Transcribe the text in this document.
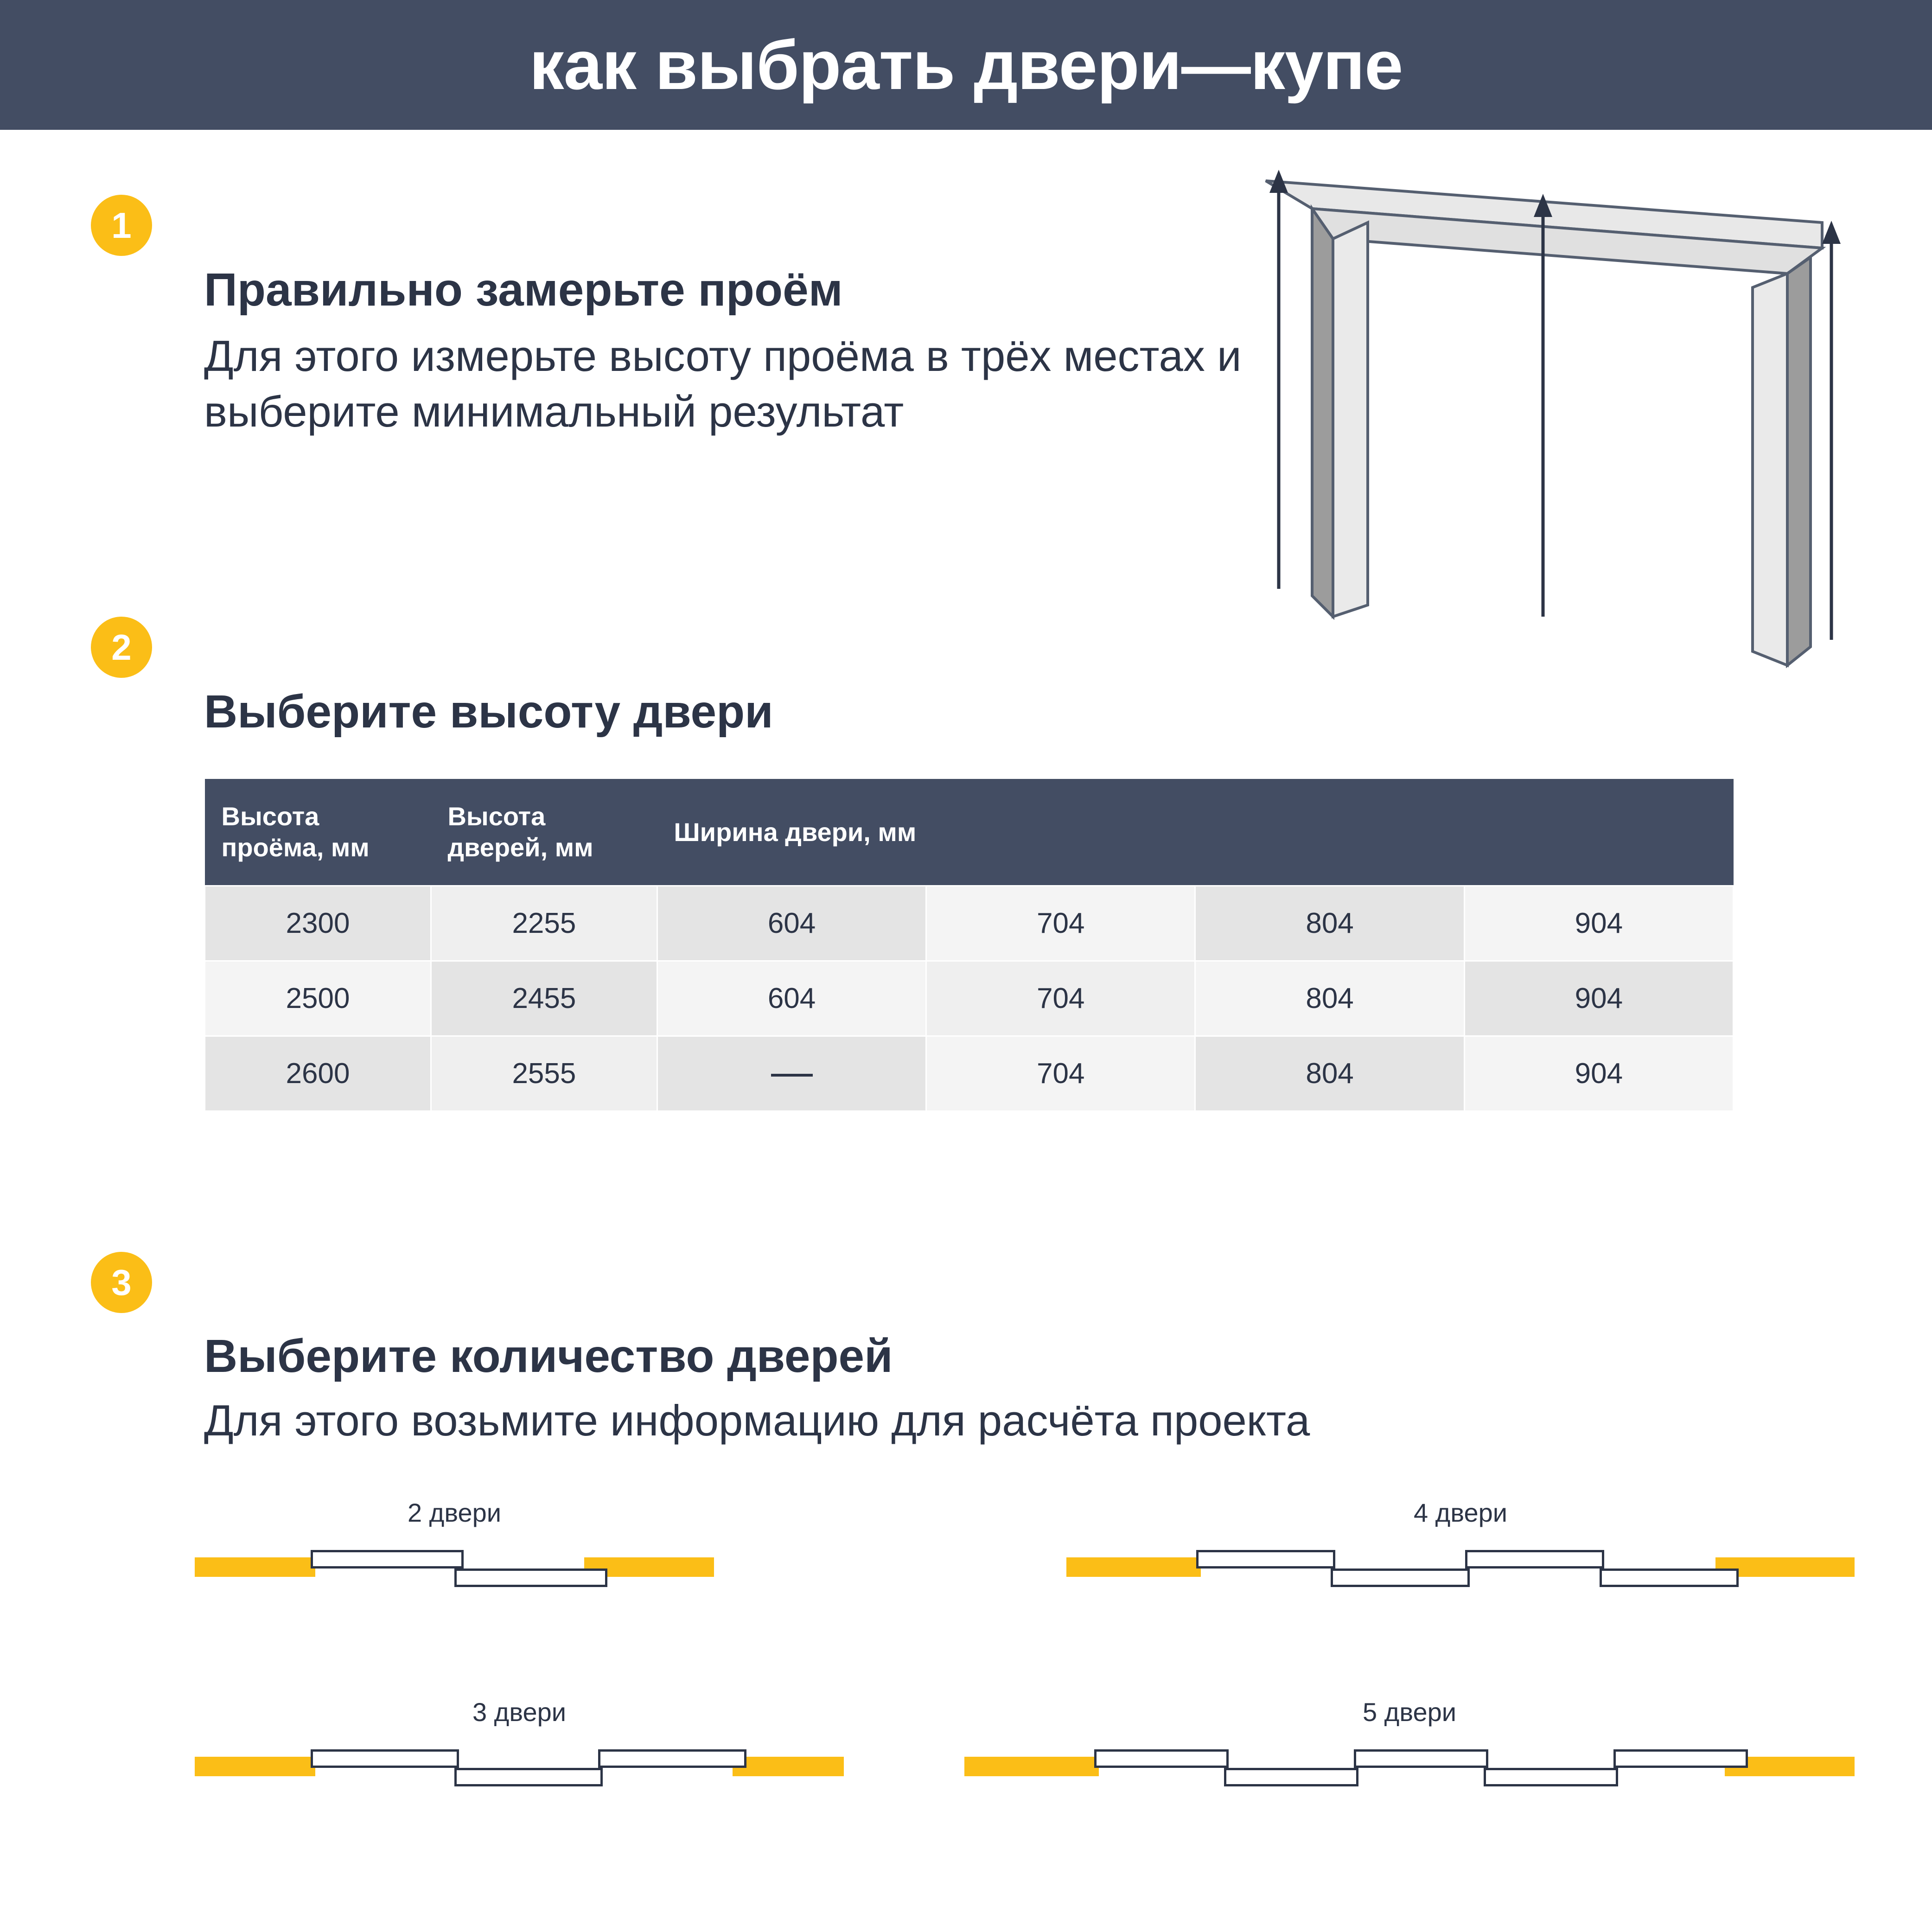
как выбрать двери—купе
1
Правильно замерьте проём
Для этого измерьте высоту проёма в трёх местах и выберите минимальный результат
2
Выберите высоту двери
Высота проёма, мм	Высота дверей, мм	Ширина двери, мм			
2300	2255	604	704	804	904
2500	2455	604	704	804	904
2600	2555		704	804	904
3
Выберите количество дверей
Для этого возьмите информацию для расчёта проекта
2 двери
3 двери
4 двери
5 двери
